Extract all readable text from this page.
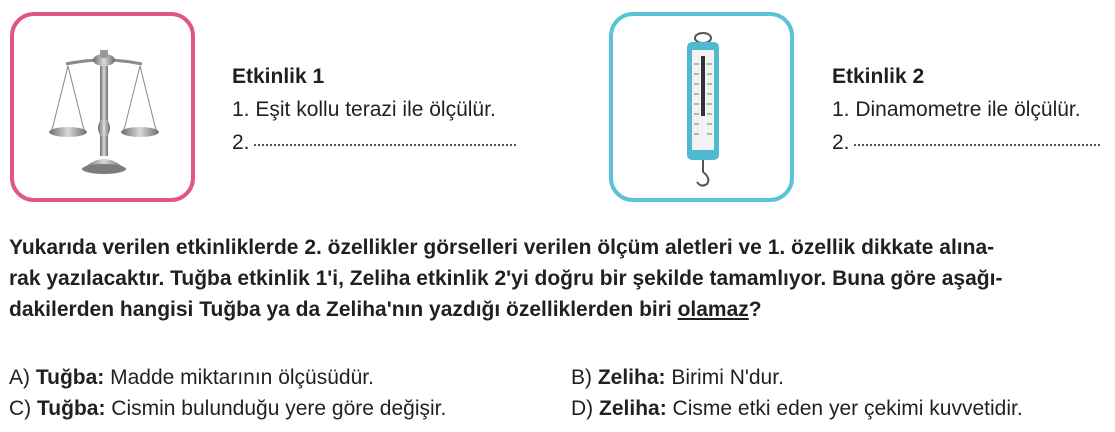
Etkinlik 1
1. Eşit kollu terazi ile ölçülür.
2.
Etkinlik 2
1. Dinamometre ile ölçülür.
2.

Yukarıda verilen etkinliklerde 2. özellikler görselleri verilen ölçüm aletleri ve 1. özellik dikkate alına-

rak yazılacaktır. Tuğba etkinlik 1'i, Zeliha etkinlik 2'yi doğru bir şekilde tamamlıyor. Buna göre aşağı-

dakilerden hangisi Tuğba ya da Zeliha'nın yazdığı özelliklerden biri olamaz?

A) Tuğba: Madde miktarının ölçüsüdür.	B) Zeliha: Birimi N'dur.
C) Tuğba: Cismin bulunduğu yere göre değişir.	D) Zeliha: Cisme etki eden yer çekimi kuvvetidir.
